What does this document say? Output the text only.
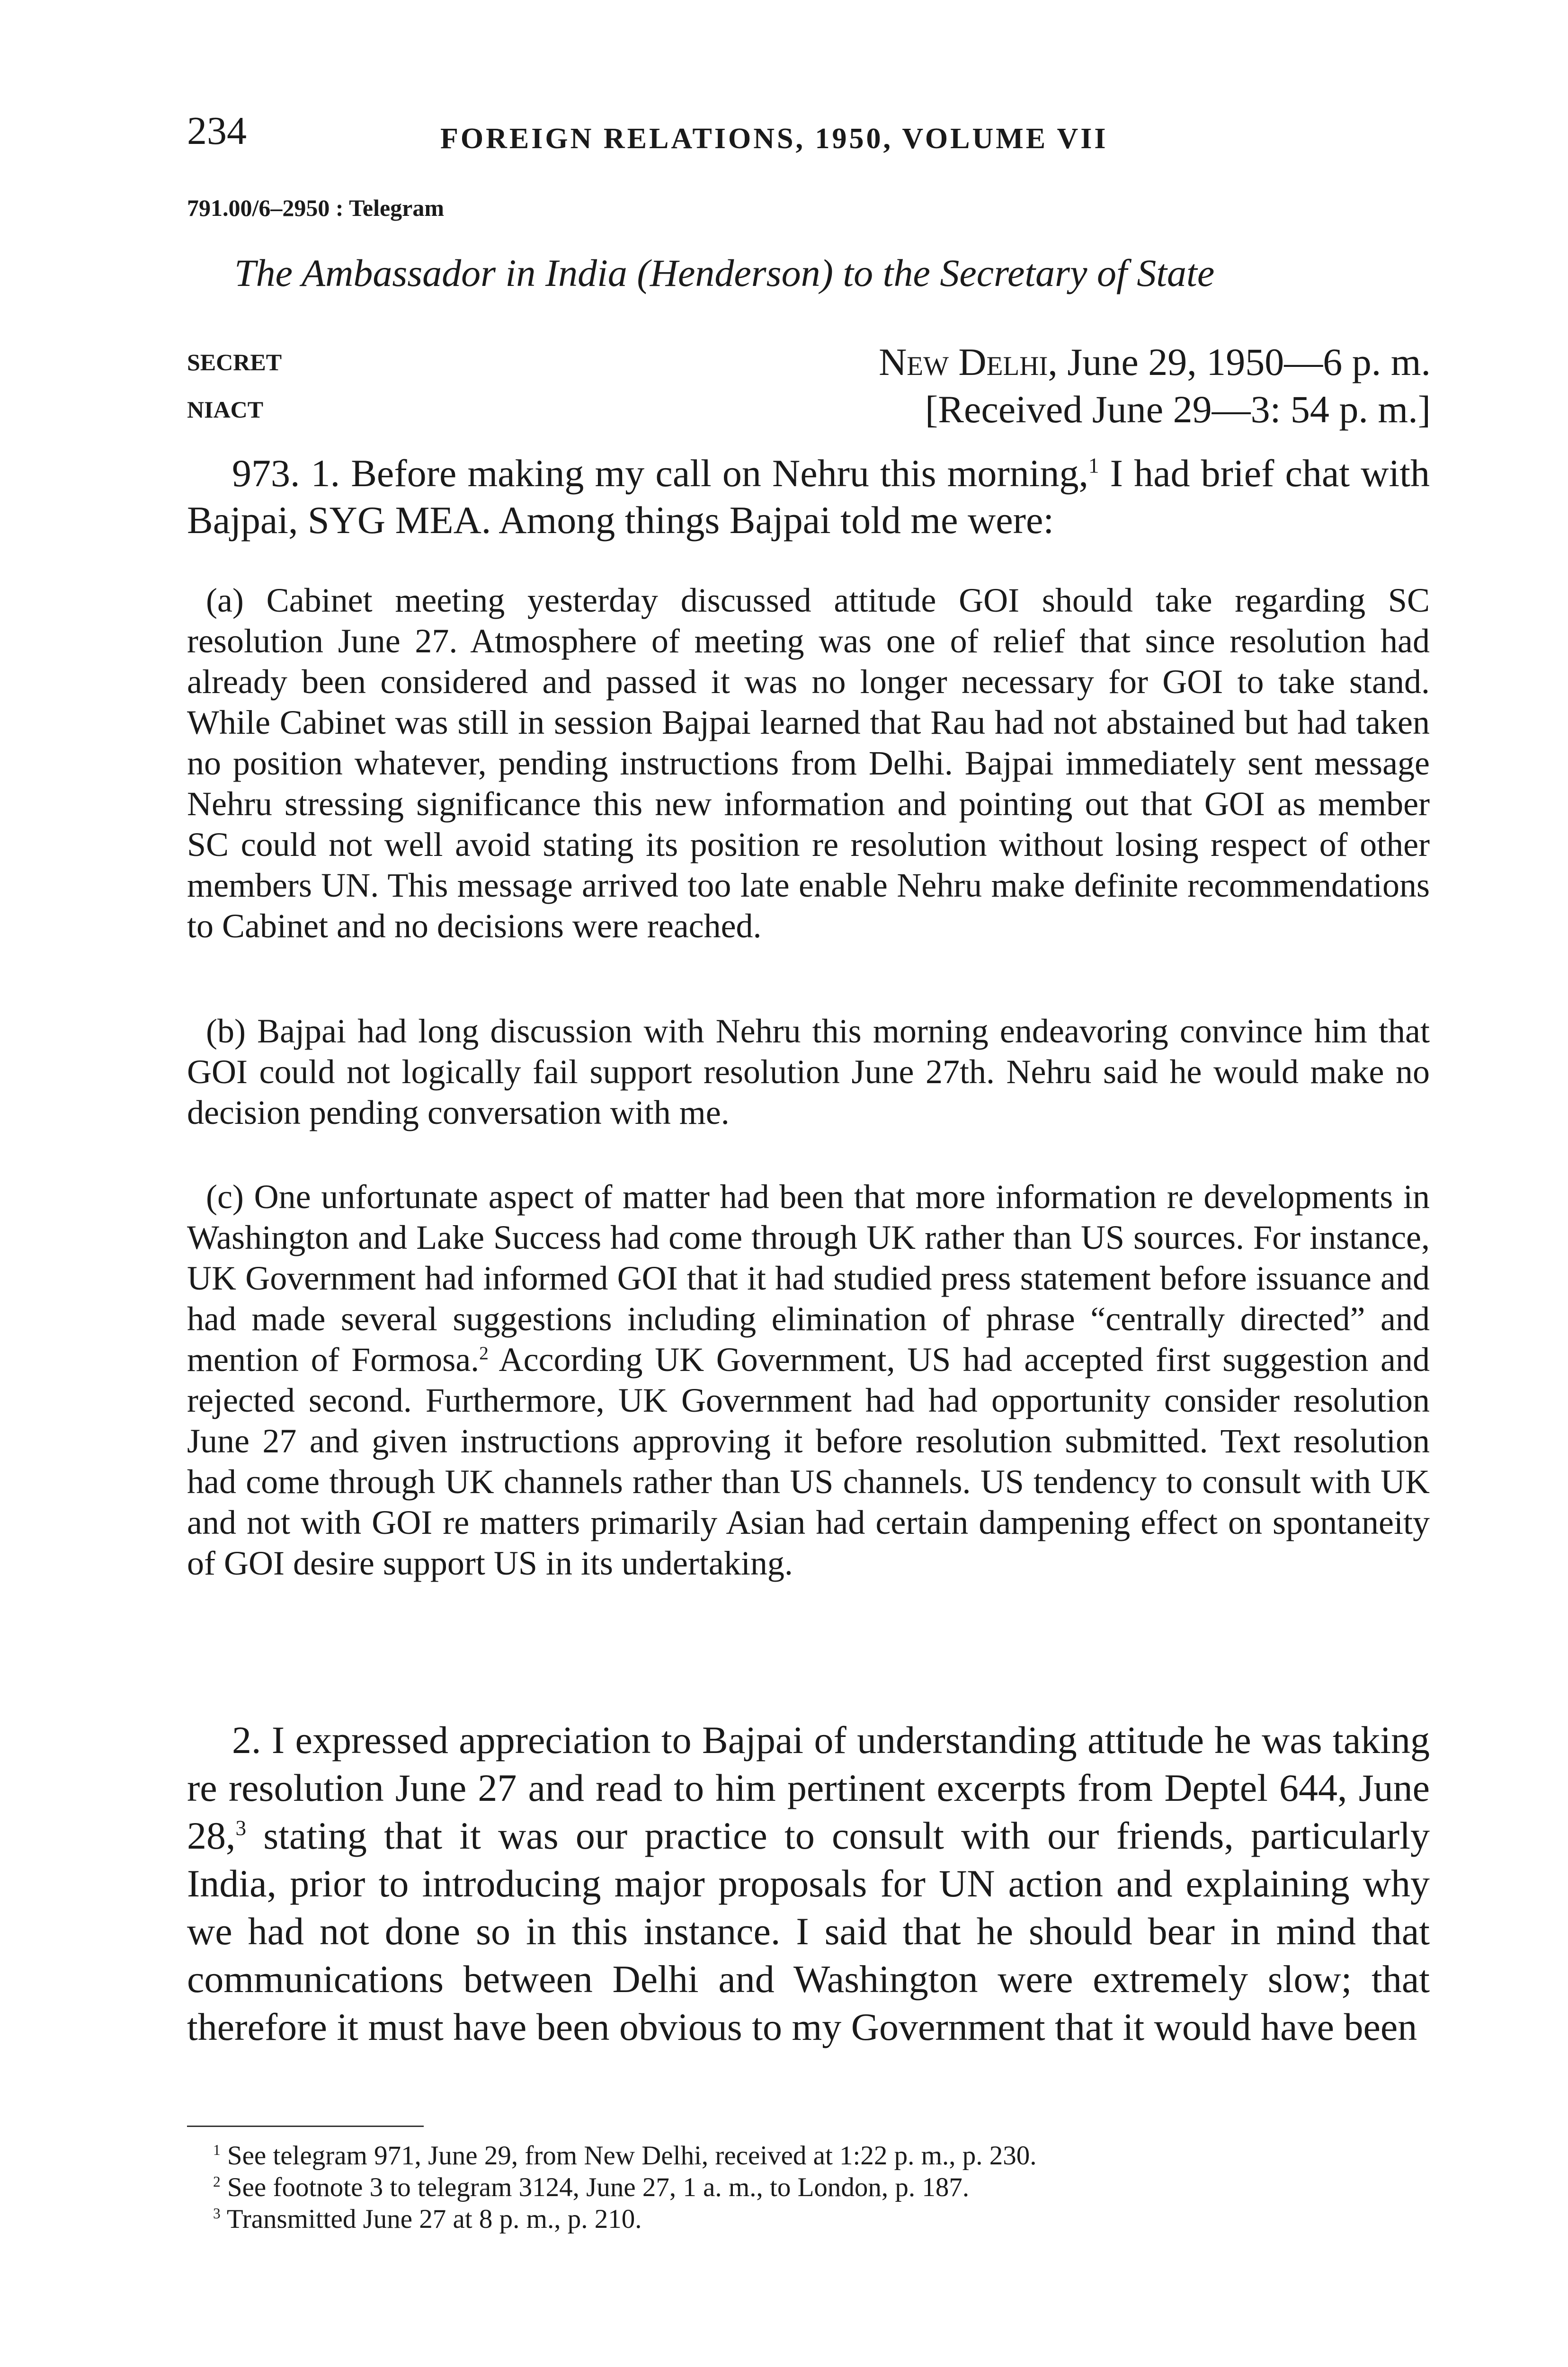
234	FOREIGN RELATIONS, 1950, VOLUME VII
791.00/6–2950 : Telegram
The Ambassador in India (Henderson) to the Secretary of State
SECRET
NIACT
New Delhi, June 29, 1950—6 p. m.
[Received June 29—3: 54 p. m.]
973. 1. Before making my call on Nehru this morning,$^1$ I had brief chat with Bajpai, SYG MEA. Among things Bajpai told me were:
(a) Cabinet meeting yesterday discussed attitude GOI should take regarding SC resolution June 27. Atmosphere of meeting was one of relief that since resolution had already been considered and passed it was no longer necessary for GOI to take stand. While Cabinet was still in session Bajpai learned that Rau had not abstained but had taken no position whatever, pending instructions from Delhi. Bajpai immediately sent message Nehru stressing significance this new information and pointing out that GOI as member SC could not well avoid stating its position re resolution without losing respect of other members UN. This message arrived too late enable Nehru make definite recommendations to Cabinet and no decisions were reached.
(b) Bajpai had long discussion with Nehru this morning endeavoring convince him that GOI could not logically fail support resolution June 27th. Nehru said he would make no decision pending conversation with me.
(c) One unfortunate aspect of matter had been that more information re developments in Washington and Lake Success had come through UK rather than US sources. For instance, UK Government had informed GOI that it had studied press statement before issuance and had made several suggestions including elimination of phrase “centrally directed” and mention of Formosa.$^2$ According UK Government, US had accepted first suggestion and rejected second. Furthermore, UK Government had had opportunity consider resolution June 27 and given instructions approving it before resolution submitted. Text resolution had come through UK channels rather than US channels. US tendency to consult with UK and not with GOI re matters primarily Asian had certain dampening effect on spontaneity of GOI desire support US in its undertaking.
2. I expressed appreciation to Bajpai of understanding attitude he was taking re resolution June 27 and read to him pertinent excerpts from Deptel 644, June 28,$^3$ stating that it was our practice to consult with our friends, particularly India, prior to introducing major proposals for UN action and explaining why we had not done so in this instance. I said that he should bear in mind that communications between Delhi and Washington were extremely slow; that therefore it must have been obvious to my Government that it would have been
$^1$ See telegram 971, June 29, from New Delhi, received at 1:22 p. m., p. 230.
$^2$ See footnote 3 to telegram 3124, June 27, 1 a. m., to London, p. 187.
$^3$ Transmitted June 27 at 8 p. m., p. 210.
